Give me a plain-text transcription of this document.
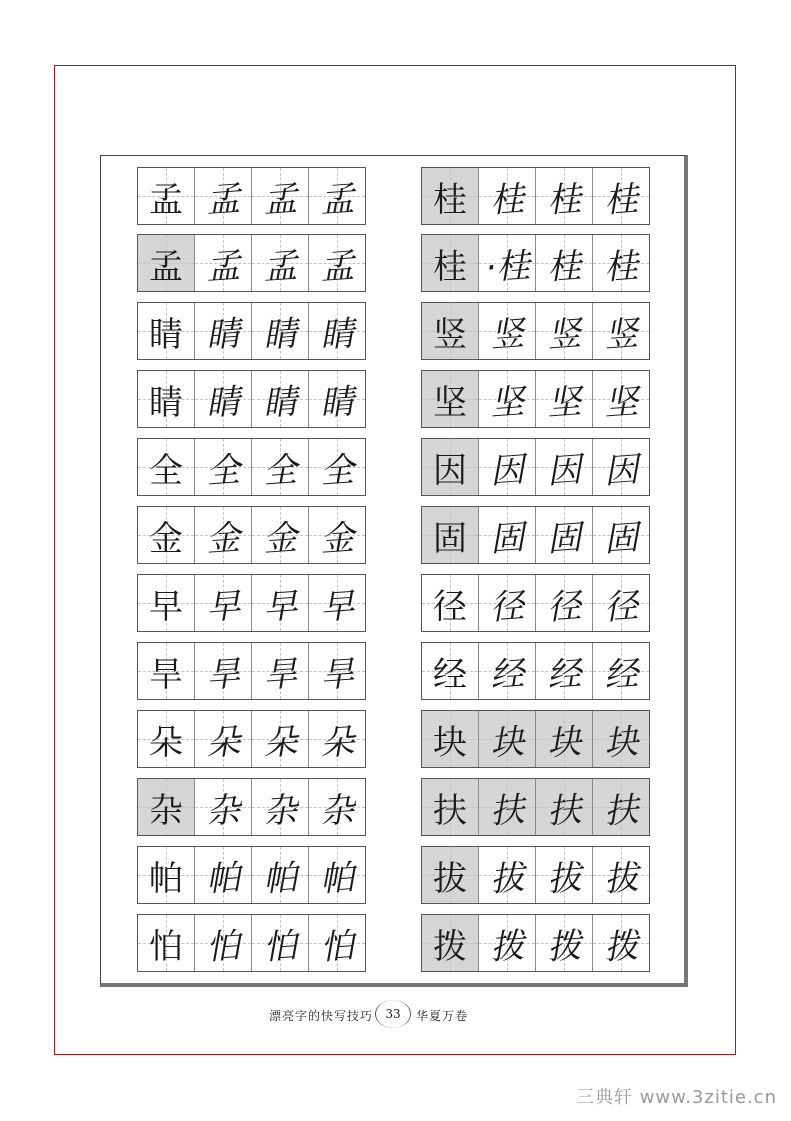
孟 孟 孟 孟
孟 孟 孟 孟
睛 睛 睛 睛
睛 睛 睛 睛
全 全 全 全
金 金 金 金
早 早 早 早
旱 旱 旱 旱
朵 朵 朵 朵
杂 杂 杂 杂
帕 帕 帕 帕
怕 怕 怕 怕
桂 桂 桂 桂
桂 ·桂 桂 桂
竖 竖 竖 竖
坚 坚 坚 坚
因 因 因 因
固 固 固 固
径 径 径 径
经 经 经 经
块 块 块 块
扶 扶 扶 扶
拔 拔 拔 拔
拨 拨 拨 拨
漂亮字的快写技巧	33	华夏万卷
三典轩 www.3zitie.cn
